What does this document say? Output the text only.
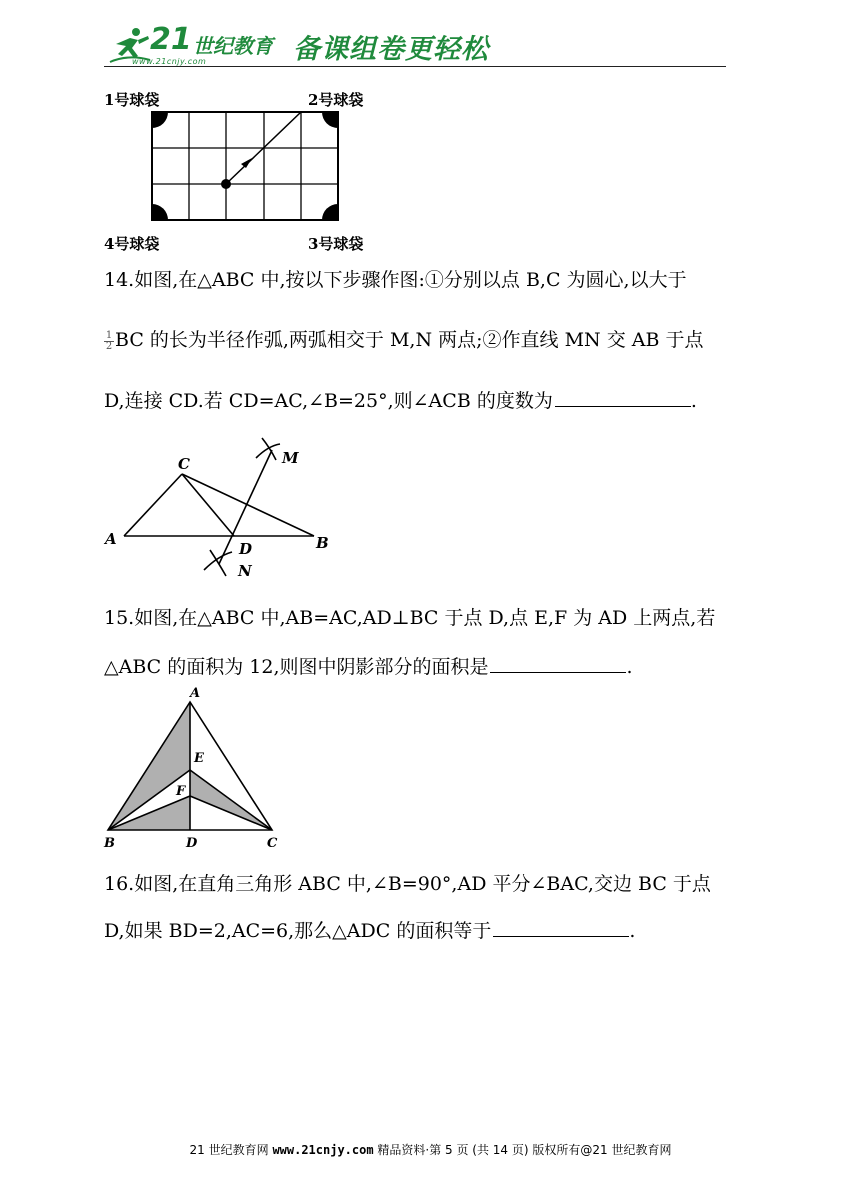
21 世纪教育
www.21cnjy.com	备课组卷更轻松
1号球袋	2号球袋
4号球袋	3号球袋
14.如图,在△ABC 中,按以下步骤作图:①分别以点 B,C 为圆心,以大于
$\frac{1}{2}$ BC 的长为半径作弧,两弧相交于 M,N 两点;②作直线 MN 交 AB 于点
D,连接 CD.若 CD=AC,∠B=25°,则∠ACB 的度数为	.
C	M
A
D	B
N
15.如图,在△ABC 中,AB=AC,AD⊥BC 于点 D,点 E,F 为 AD 上两点,若
△ABC 的面积为 12,则图中阴影部分的面积是	.
A
E
F
B	D	C
16.如图,在直角三角形 ABC 中,∠B=90°,AD 平分∠BAC,交边 BC 于点
D,如果 BD=2,AC=6,那么△ADC 的面积等于	.
21 世纪教育网 www.21cnjy.com 精品资料·第 5 页 (共 14 页) 版权所有@21 世纪教育网
